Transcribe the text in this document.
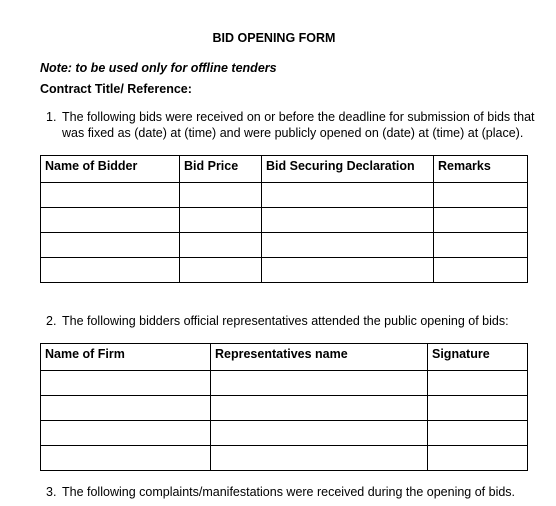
BID OPENING FORM
Note: to be used only for offline tenders
Contract Title/ Reference:
1. The following bids were received on or before the deadline for submission of bids that was fixed as (date) at (time) and were publicly opened on (date) at (time) at (place).
Name of Bidder	Bid Price	Bid Securing Declaration	Remarks

2. The following bidders official representatives attended the public opening of bids:
Name of Firm	Representatives name	Signature

3. The following complaints/manifestations were received during the opening of bids.
